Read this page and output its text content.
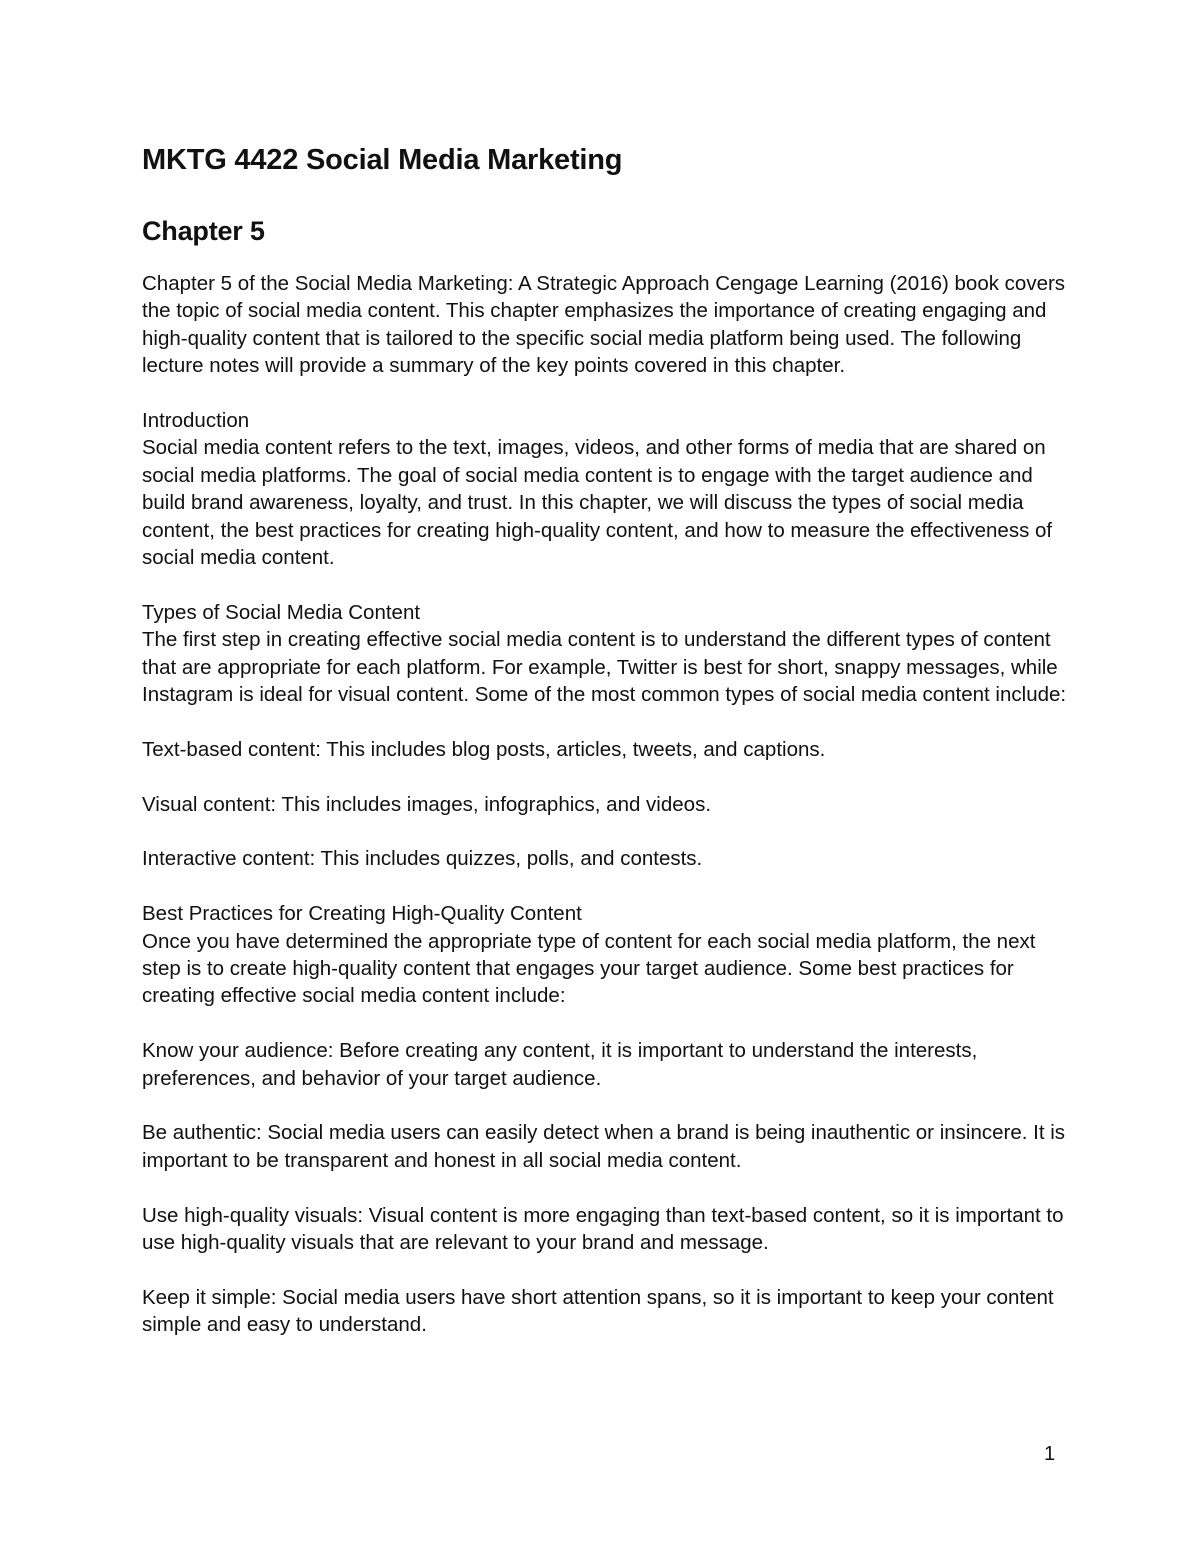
MKTG 4422 Social Media Marketing
Chapter 5

Chapter 5 of the Social Media Marketing: A Strategic Approach Cengage Learning (2016) book covers the topic of social media content. This chapter emphasizes the importance of creating engaging and high-quality content that is tailored to the specific social media platform being used. The following lecture notes will provide a summary of the key points covered in this chapter.

Introduction
Social media content refers to the text, images, videos, and other forms of media that are shared on social media platforms. The goal of social media content is to engage with the target audience and build brand awareness, loyalty, and trust. In this chapter, we will discuss the types of social media content, the best practices for creating high-quality content, and how to measure the effectiveness of social media content.

Types of Social Media Content
The first step in creating effective social media content is to understand the different types of content that are appropriate for each platform. For example, Twitter is best for short, snappy messages, while Instagram is ideal for visual content. Some of the most common types of social media content include:

Text-based content: This includes blog posts, articles, tweets, and captions.

Visual content: This includes images, infographics, and videos.

Interactive content: This includes quizzes, polls, and contests.

Best Practices for Creating High-Quality Content
Once you have determined the appropriate type of content for each social media platform, the next step is to create high-quality content that engages your target audience. Some best practices for creating effective social media content include:

Know your audience: Before creating any content, it is important to understand the interests, preferences, and behavior of your target audience.

Be authentic: Social media users can easily detect when a brand is being inauthentic or insincere. It is important to be transparent and honest in all social media content.

Use high-quality visuals: Visual content is more engaging than text-based content, so it is important to use high-quality visuals that are relevant to your brand and message.

Keep it simple: Social media users have short attention spans, so it is important to keep your content simple and easy to understand.

1
